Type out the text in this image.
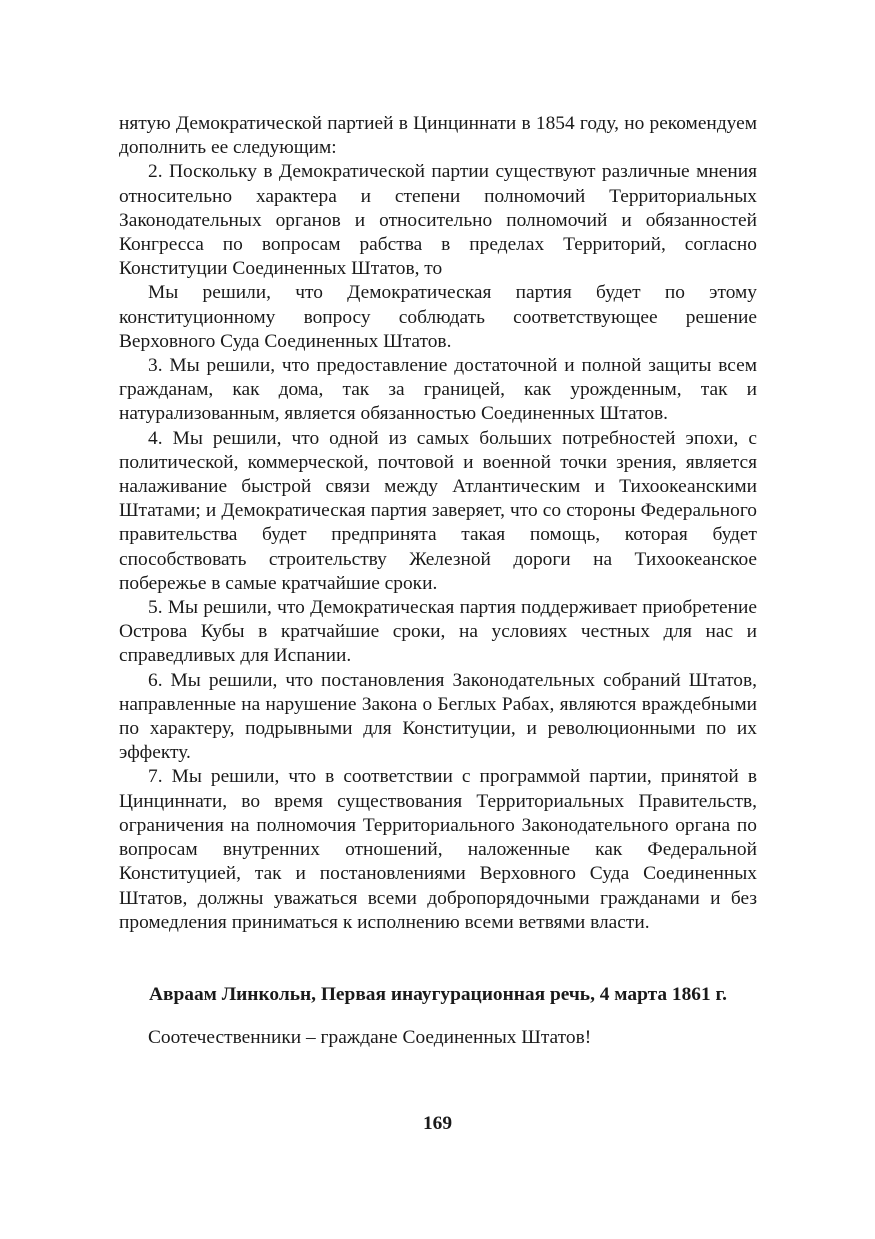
нятую Демократической партией в Цинциннати в 1854 году, но рекомендуем дополнить ее следующим:

2. Поскольку в Демократической партии существуют различные мнения относительно характера и степени полномочий Территориальных Законодательных органов и относительно полномочий и обязанностей Конгресса по вопросам рабства в пределах Территорий, согласно Конституции Соединенных Штатов, то

Мы решили, что Демократическая партия будет по этому конституционному вопросу соблюдать соответствующее решение Верховного Суда Соединенных Штатов.

3. Мы решили, что предоставление достаточной и полной защиты всем гражданам, как дома, так за границей, как урожденным, так и натурализованным, является обязанностью Соединенных Штатов.

4. Мы решили, что одной из самых больших потребностей эпохи, с политической, коммерческой, почтовой и военной точки зрения, является налаживание быстрой связи между Атлантическим и Тихоокеанскими Штатами; и Демократическая партия заверяет, что со стороны Федерального правительства будет предпринята такая помощь, которая будет способствовать строительству Железной дороги на Тихоокеанское побережье в самые кратчайшие сроки.

5. Мы решили, что Демократическая партия поддерживает приобретение Острова Кубы в кратчайшие сроки, на условиях честных для нас и справедливых для Испании.

6. Мы решили, что постановления Законодательных собраний Штатов, направленные на нарушение Закона о Беглых Рабах, являются враждебными по характеру, подрывными для Конституции, и революционными по их эффекту.

7. Мы решили, что в соответствии с программой партии, принятой в Цинциннати, во время существования Территориальных Правительств, ограничения на полномочия Территориального Законодательного органа по вопросам внутренних отношений, наложенные как Федеральной Конституцией, так и постановлениями Верховного Суда Соединенных Штатов, должны уважаться всеми добропорядочными гражданами и без промедления приниматься к исполнению всеми ветвями власти.

Авраам Линкольн, Первая инаугурационная речь, 4 марта 1861 г.

Соотечественники – граждане Соединенных Штатов!

169
